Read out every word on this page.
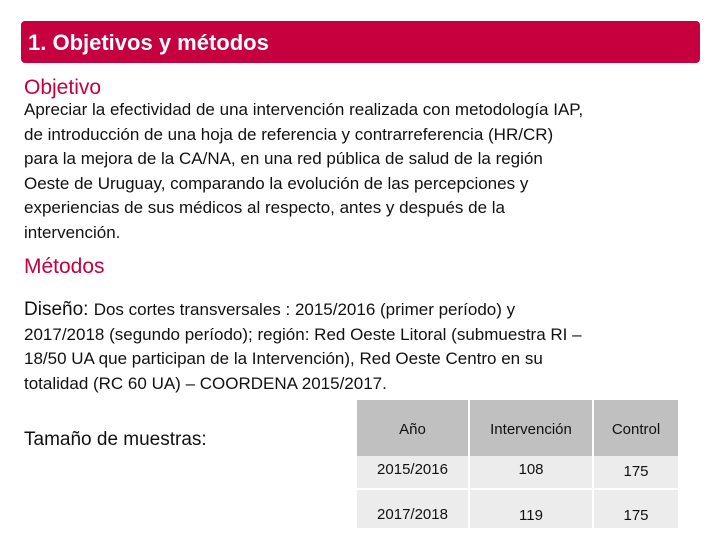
1. Objetivos y métodos
Objetivo
Apreciar la efectividad de una intervención realizada con metodología IAP,
de introducción de una hoja de referencia y contrarreferencia (HR/CR)
para la mejora de la CA/NA, en una red pública de salud de la región
Oeste de Uruguay, comparando la evolución de las percepciones y
experiencias de sus médicos al respecto, antes y después de la
intervención.
Métodos
Diseño: Dos cortes transversales : 2015/2016 (primer período) y
2017/2018 (segundo período); región: Red Oeste Litoral (submuestra RI –
18/50 UA que participan de la Intervención), Red Oeste Centro en su
totalidad (RC 60 UA) – COORDENA 2015/2017.
Tamaño de muestras:	Año	Intervención	Control
2015/2016	108	175
2017/2018	119	175
